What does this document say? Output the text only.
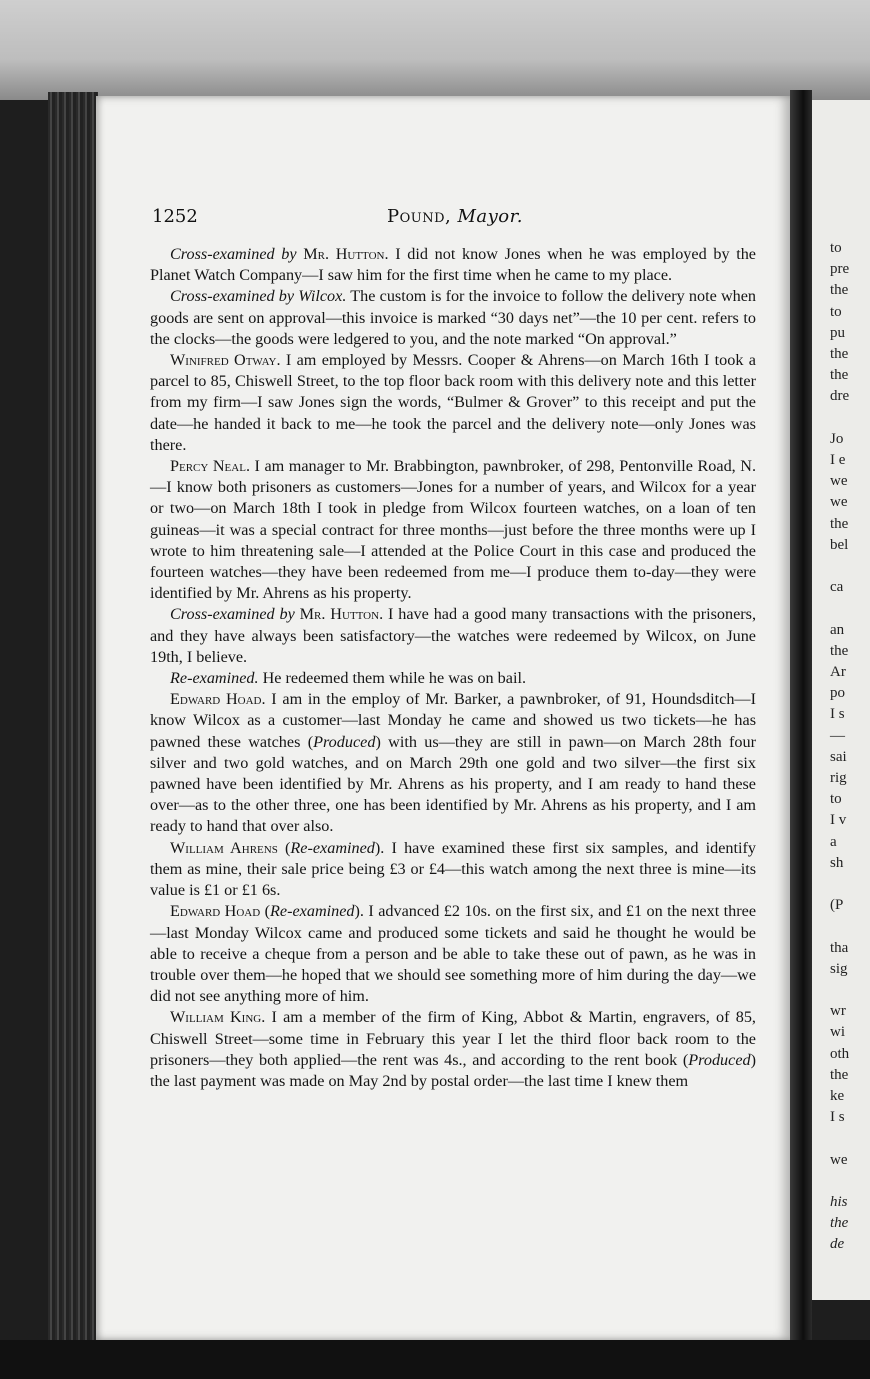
1252	Pound, Mayor.

Cross-examined by Mr. Hutton. I did not know Jones when he was employed by the Planet Watch Company—I saw him for the first time when he came to my place.

Cross-examined by Wilcox. The custom is for the invoice to follow the delivery note when goods are sent on approval—this invoice is marked “30 days net”—the 10 per cent. refers to the clocks—the goods were ledgered to you, and the note marked “On approval.”

Winifred Otway. I am employed by Messrs. Cooper & Ahrens—on March 16th I took a parcel to 85, Chiswell Street, to the top floor back room with this delivery note and this letter from my firm—I saw Jones sign the words, “Bulmer & Grover” to this receipt and put the date—he handed it back to me—he took the parcel and the delivery note—only Jones was there.

Percy Neal. I am manager to Mr. Brabbington, pawnbroker, of 298, Pentonville Road, N.—I know both prisoners as customers—Jones for a number of years, and Wilcox for a year or two—on March 18th I took in pledge from Wilcox fourteen watches, on a loan of ten guineas—it was a special contract for three months—just before the three months were up I wrote to him threatening sale—I attended at the Police Court in this case and produced the fourteen watches—they have been redeemed from me—I produce them to-day—they were identified by Mr. Ahrens as his property.

Cross-examined by Mr. Hutton. I have had a good many transactions with the prisoners, and they have always been satisfactory—the watches were redeemed by Wilcox, on June 19th, I believe.

Re-examined. He redeemed them while he was on bail.

Edward Hoad. I am in the employ of Mr. Barker, a pawnbroker, of 91, Houndsditch—I know Wilcox as a customer—last Monday he came and showed us two tickets—he has pawned these watches (Produced) with us—they are still in pawn—on March 28th four silver and two gold watches, and on March 29th one gold and two silver—the first six pawned have been identified by Mr. Ahrens as his property, and I am ready to hand these over—as to the other three, one has been identified by Mr. Ahrens as his property, and I am ready to hand that over also.

William Ahrens (Re-examined). I have examined these first six samples, and identify them as mine, their sale price being £3 or £4—this watch among the next three is mine—its value is £1 or £1 6s.

Edward Hoad (Re-examined). I advanced £2 10s. on the first six, and £1 on the next three—last Monday Wilcox came and produced some tickets and said he thought he would be able to receive a cheque from a person and be able to take these out of pawn, as he was in trouble over them—he hoped that we should see something more of him during the day—we did not see anything more of him.

William King. I am a member of the firm of King, Abbot & Martin, engravers, of 85, Chiswell Street—some time in February this year I let the third floor back room to the prisoners—they both applied—the rent was 4s., and according to the rent book (Produced) the last payment was made on May 2nd by postal order—the last time I knew them

to
pre
the
to
pu
the
the
dre
Jo
I e
we
we
the
bel
ca
an
the
Ar
po
I s
—
sai
rig
to
I v
a
sh
(P
tha
sig
wr
wi
oth
the
ke
I s
we
his
the
de
